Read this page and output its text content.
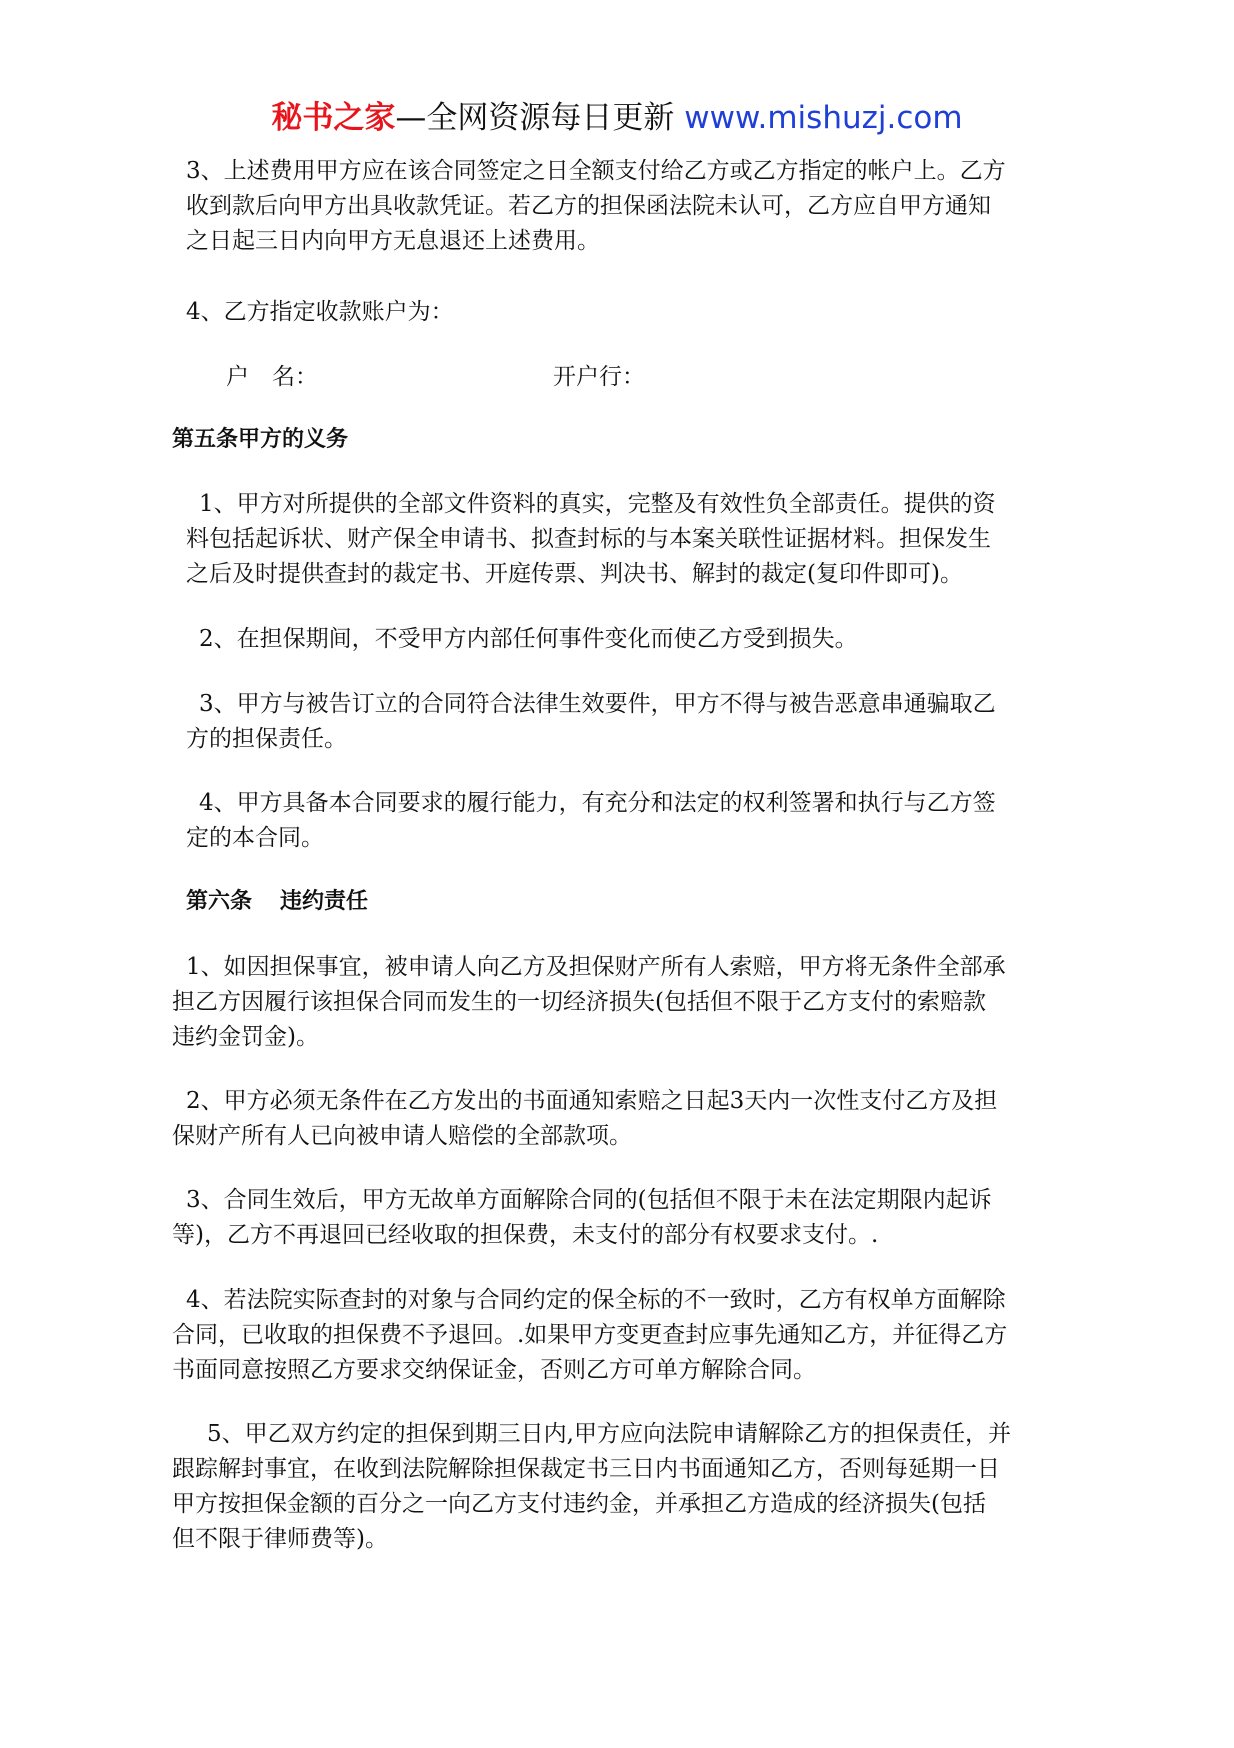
秘书之家—全网资源每日更新 www.mishuzj.com

3、上述费用甲方应在该合同签定之日全额支付给乙方或乙方指定的帐户上。乙方

收到款后向甲方出具收款凭证。若乙方的担保函法院未认可，乙方应自甲方通知

之日起三日内向甲方无息退还上述费用。

4、乙方指定收款账户为：

户　名：	开户行：

第五条甲方的义务

1、甲方对所提供的全部文件资料的真实，完整及有效性负全部责任。提供的资

料包括起诉状、财产保全申请书、拟查封标的与本案关联性证据材料。担保发生

之后及时提供查封的裁定书、开庭传票、判决书、解封的裁定(复印件即可)。

2、在担保期间，不受甲方内部任何事件变化而使乙方受到损失。

3、甲方与被告订立的合同符合法律生效要件，甲方不得与被告恶意串通骗取乙

方的担保责任。

4、甲方具备本合同要求的履行能力，有充分和法定的权利签署和执行与乙方签

定的本合同。

第六条 违约责任

1、如因担保事宜，被申请人向乙方及担保财产所有人索赔，甲方将无条件全部承

担乙方因履行该担保合同而发生的一切经济损失(包括但不限于乙方支付的索赔款

违约金罚金)。

2、甲方必须无条件在乙方发出的书面通知索赔之日起3天内一次性支付乙方及担

保财产所有人已向被申请人赔偿的全部款项。

3、合同生效后，甲方无故单方面解除合同的(包括但不限于未在法定期限内起诉

等)，乙方不再退回已经收取的担保费，未支付的部分有权要求支付。.

4、若法院实际查封的对象与合同约定的保全标的不一致时，乙方有权单方面解除

合同，已收取的担保费不予退回。.如果甲方变更查封应事先通知乙方，并征得乙方

书面同意按照乙方要求交纳保证金，否则乙方可单方解除合同。

5、甲乙双方约定的担保到期三日内,甲方应向法院申请解除乙方的担保责任，并

跟踪解封事宜，在收到法院解除担保裁定书三日内书面通知乙方，否则每延期一日

甲方按担保金额的百分之一向乙方支付违约金，并承担乙方造成的经济损失(包括

但不限于律师费等)。
